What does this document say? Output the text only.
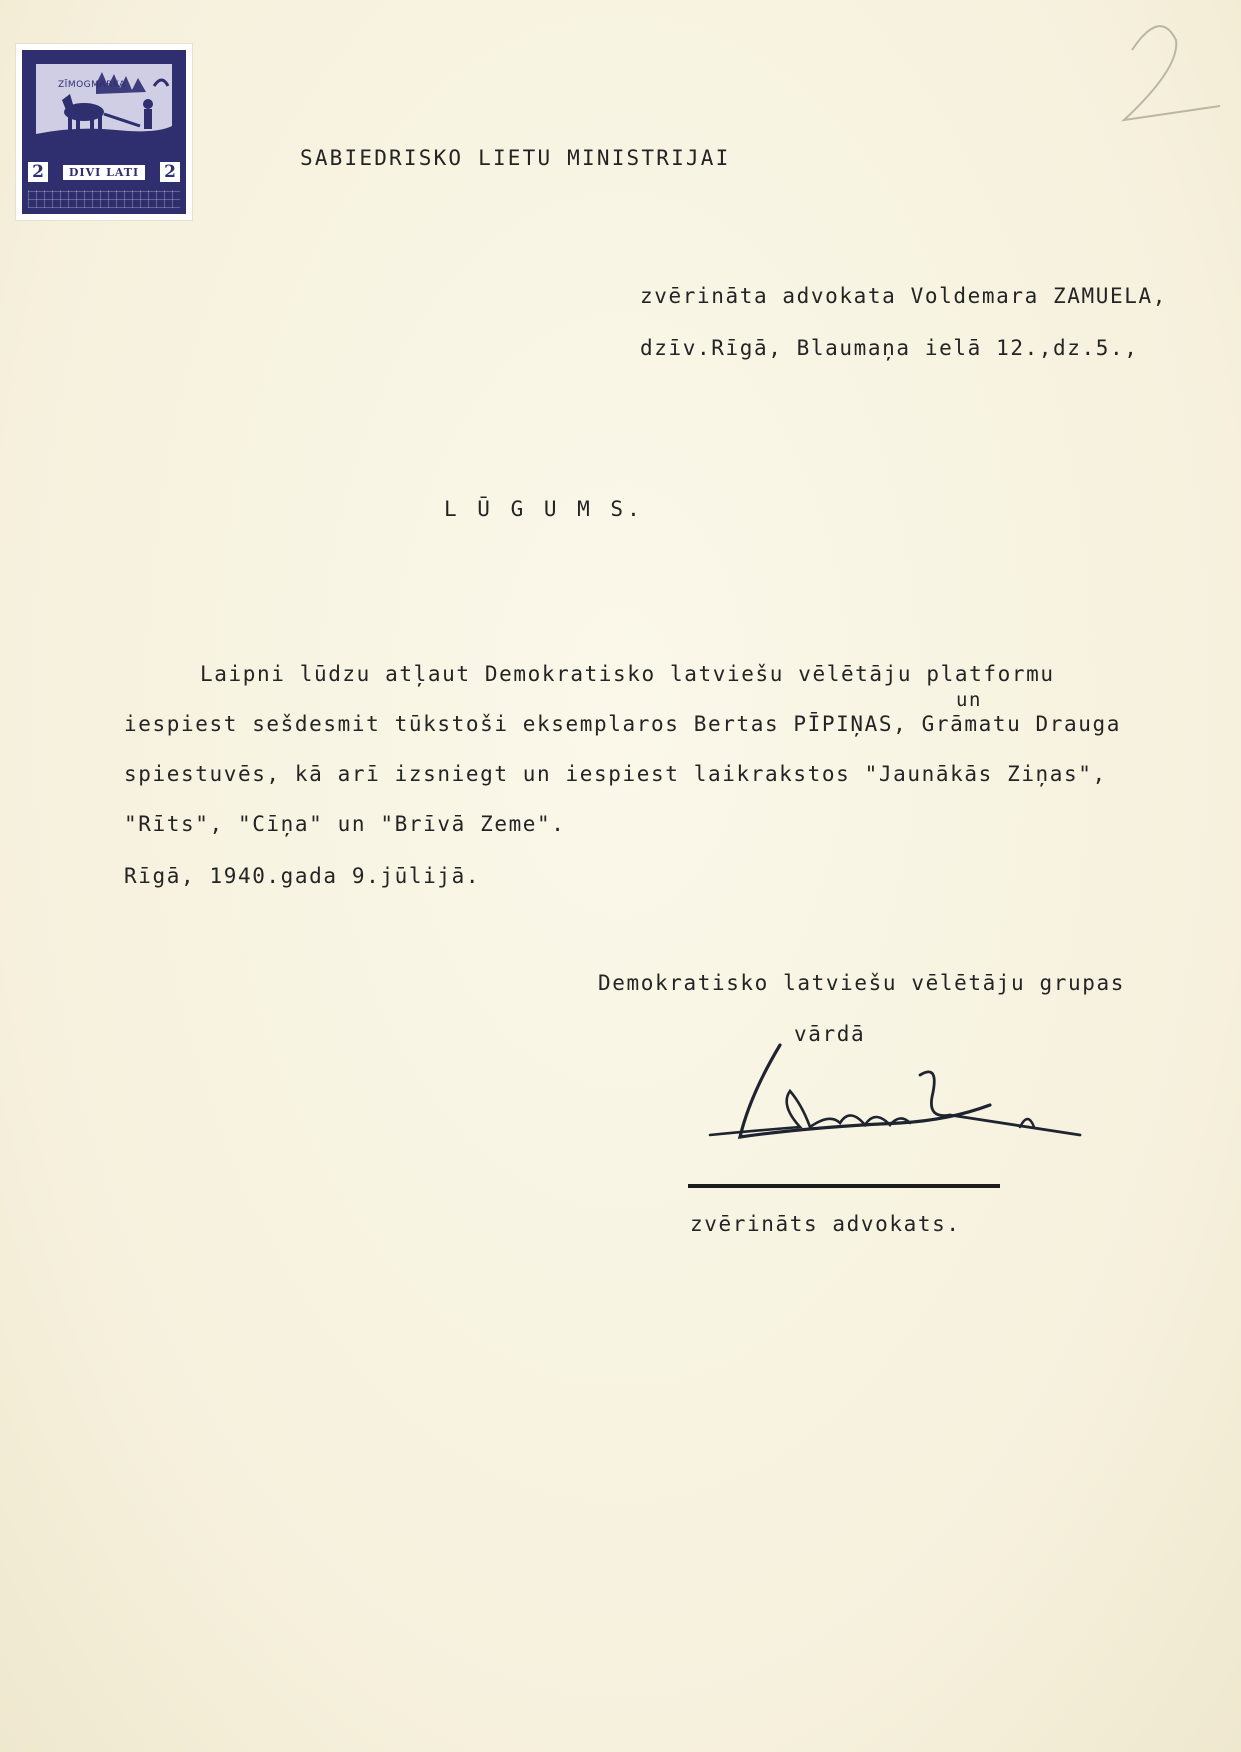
ZĪMOGMARKA
2	DIVI LATI	2
SABIEDRISKO LIETU MINISTRIJAI
zvērināta advokata Voldemara ZAMUELA,
dzīv.Rīgā, Blaumaņa ielā 12.,dz.5.,
L Ū G U M S.
Laipni lūdzu atļaut Demokratisko latviešu vēlētāju platformu
un
iespiest sešdesmit tūkstoši eksemplaros Bertas PĪPIŅAS, Grāmatu Drauga
spiestuvēs, kā arī izsniegt un iespiest laikrakstos "Jaunākās Ziņas",
"Rīts", "Cīņa" un "Brīvā Zeme".
Rīgā, 1940.gada 9.jūlijā.
Demokratisko latviešu vēlētāju grupas
vārdā
zvērināts advokats.
